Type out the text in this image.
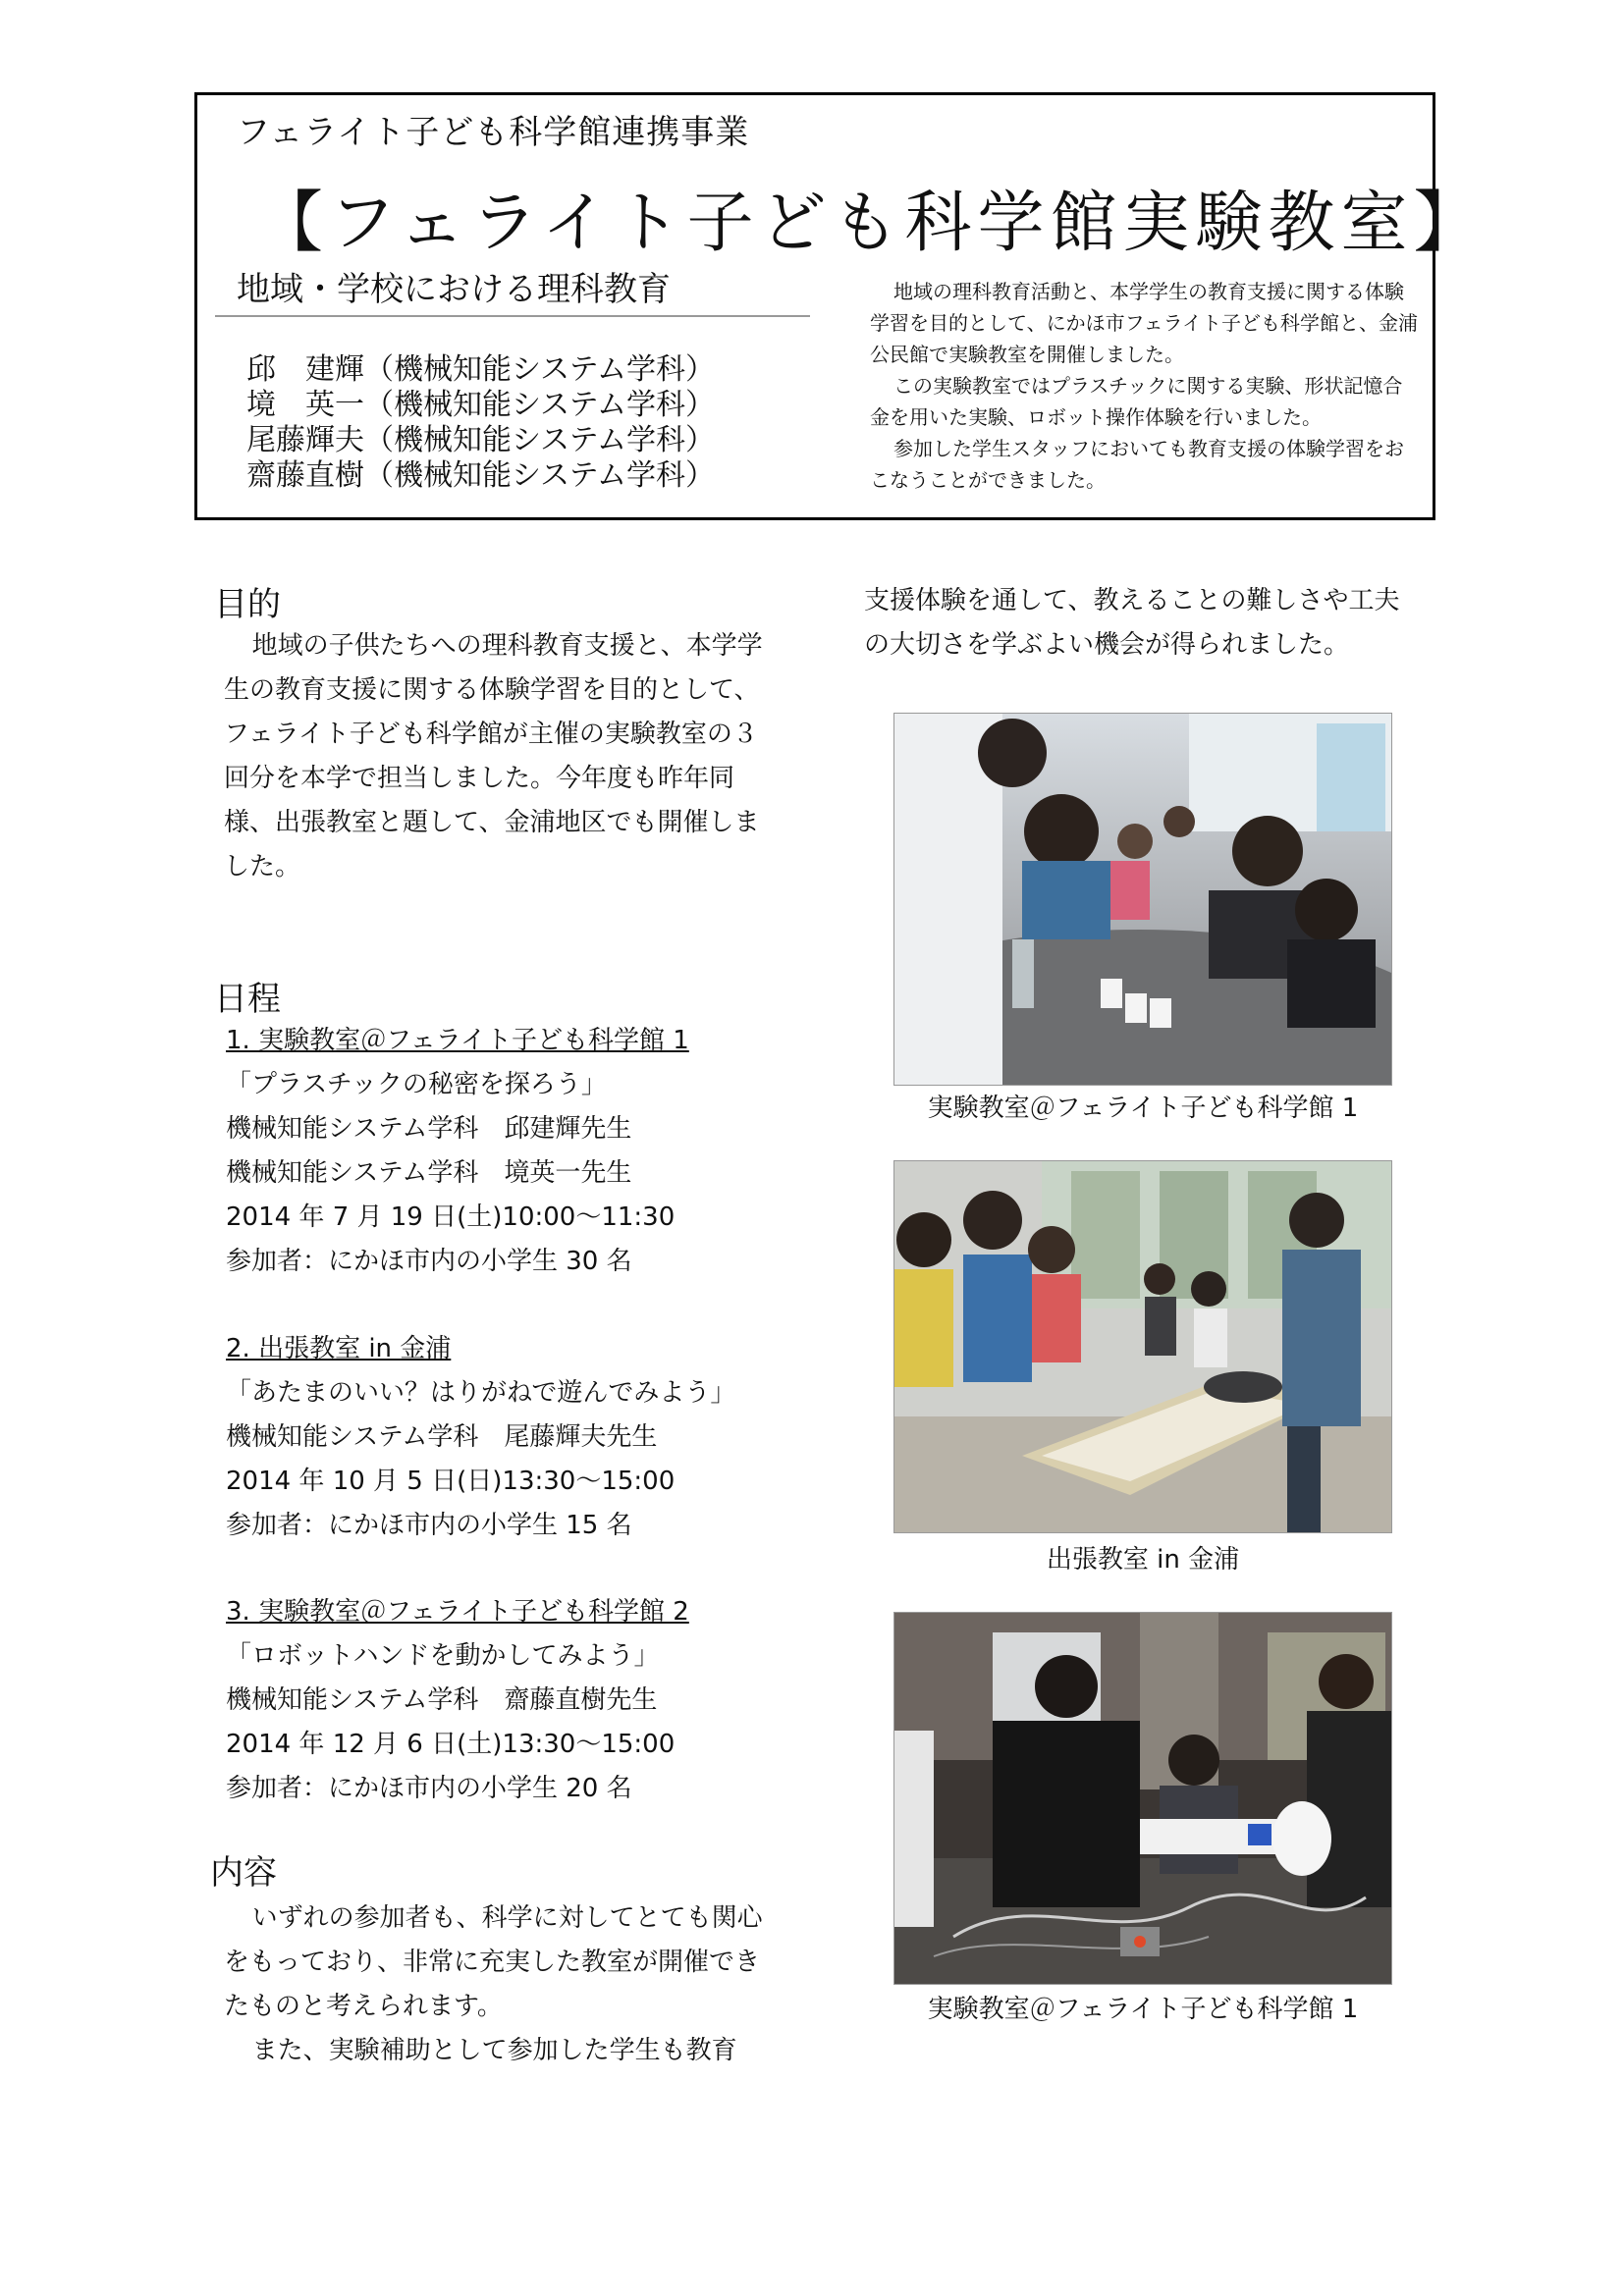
フェライト子ども科学館連携事業
【フェライト子ども科学館実験教室】
地域・学校における理科教育
邱　建輝（機械知能システム学科）
境　英一（機械知能システム学科）
尾藤輝夫（機械知能システム学科）
齋藤直樹（機械知能システム学科）

地域の理科教育活動と、本学学生の教育支援に関する体験学習を目的として、にかほ市フェライト子ども科学館と、金浦公民館で実験教室を開催しました。

この実験教室ではプラスチックに関する実験、形状記憶合金を用いた実験、ロボット操作体験を行いました。

参加した学生スタッフにおいても教育支援の体験学習をおこなうことができました。

目的

地域の子供たちへの理科教育支援と、本学学生の教育支援に関する体験学習を目的として、フェライト子ども科学館が主催の実験教室の３回分を本学で担当しました。今年度も昨年同様、出張教室と題して、金浦地区でも開催しました。

日程
1. 実験教室＠フェライト子ども科学館 1
「プラスチックの秘密を探ろう」
機械知能システム学科　邱建輝先生
機械知能システム学科　境英一先生
2014 年 7 月 19 日(土)10:00〜11:30
参加者：にかほ市内の小学生 30 名
2. 出張教室 in 金浦
「あたまのいい？はりがねで遊んでみよう」
機械知能システム学科　尾藤輝夫先生
2014 年 10 月 5 日(日)13:30〜15:00
参加者：にかほ市内の小学生 15 名
3. 実験教室＠フェライト子ども科学館 2
「ロボットハンドを動かしてみよう」
機械知能システム学科　齋藤直樹先生
2014 年 12 月 6 日(土)13:30〜15:00
参加者：にかほ市内の小学生 20 名
内容

いずれの参加者も、科学に対してとても関心をもっており、非常に充実した教室が開催できたものと考えられます。

また、実験補助として参加した学生も教育

支援体験を通して、教えることの難しさや工夫の大切さを学ぶよい機会が得られました。
実験教室＠フェライト子ども科学館 1
出張教室 in 金浦
実験教室＠フェライト子ども科学館 1
